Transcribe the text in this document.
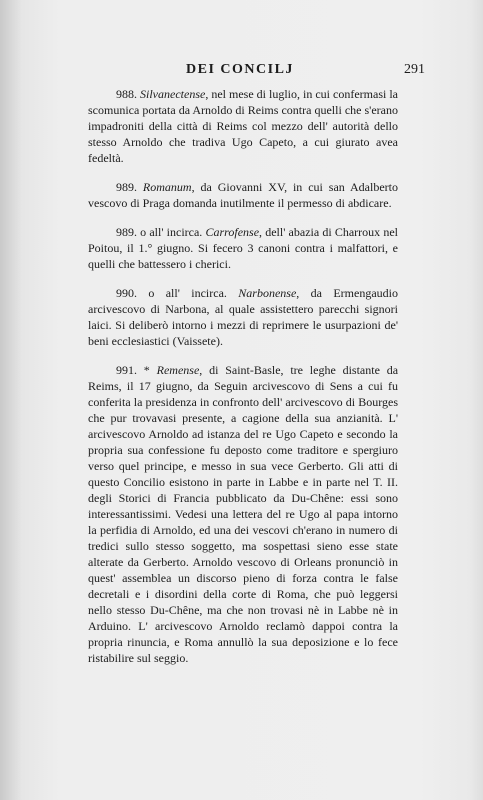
DEI CONCILJ	291

988. Silvanectense, nel mese di luglio, in cui confermasi la scomunica portata da Arnoldo di Reims contra quelli che s'erano impadroniti della città di Reims col mezzo dell' autorità dello stesso Arnoldo che tradiva Ugo Capeto, a cui giurato avea fedeltà.

989. Romanum, da Giovanni XV, in cui san Adalberto vescovo di Praga domanda inutilmente il permesso di abdicare.

989. o all' incirca. Carrofense, dell' abazia di Charroux nel Poitou, il 1.° giugno. Si fecero 3 canoni contra i malfattori, e quelli che battessero i cherici.

990. o all' incirca. Narbonense, da Ermengaudio arcivescovo di Narbona, al quale assistettero parecchi signori laici. Si deliberò intorno i mezzi di reprimere le usurpazioni de' beni ecclesiastici (Vaissete).

991. * Remense, di Saint-Basle, tre leghe distante da Reims, il 17 giugno, da Seguin arcivescovo di Sens a cui fu conferita la presidenza in confronto dell' arcivescovo di Bourges che pur trovavasi presente, a cagione della sua anzianità. L' arcivescovo Arnoldo ad istanza del re Ugo Capeto e secondo la propria sua confessione fu deposto come traditore e spergiuro verso quel principe, e messo in sua vece Gerberto. Gli atti di questo Concilio esistono in parte in Labbe e in parte nel T. II. degli Storici di Francia pubblicato da Du-Chêne: essi sono interessantissimi. Vedesi una lettera del re Ugo al papa intorno la perfidia di Arnoldo, ed una dei vescovi ch'erano in numero di tredici sullo stesso soggetto, ma sospettasi sieno esse state alterate da Gerberto. Arnoldo vescovo di Orleans pronunciò in quest' assemblea un discorso pieno di forza contra le false decretali e i disordini della corte di Roma, che può leggersi nello stesso Du-Chêne, ma che non trovasi nè in Labbe nè in Arduino. L' arcivescovo Arnoldo reclamò dappoi contra la propria rinuncia, e Roma annullò la sua deposizione e lo fece ristabilire sul seggio.
